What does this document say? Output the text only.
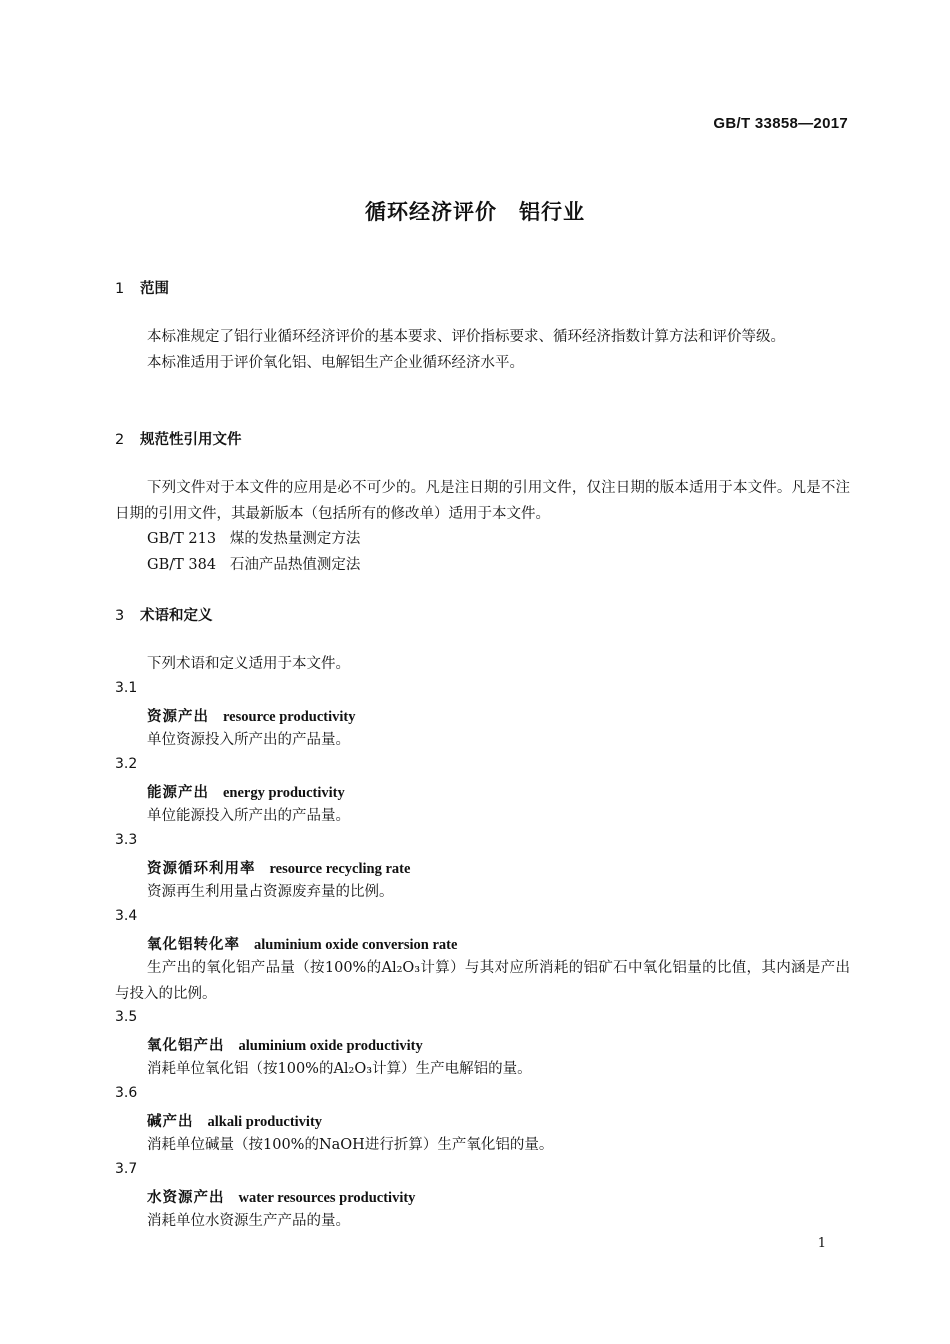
GB/T 33858—2017
循环经济评价　铝行业
1 范围

本标准规定了铝行业循环经济评价的基本要求、评价指标要求、循环经济指数计算方法和评价等级。

本标准适用于评价氧化铝、电解铝生产企业循环经济水平。

2 规范性引用文件

下列文件对于本文件的应用是必不可少的。凡是注日期的引用文件，仅注日期的版本适用于本文件。凡是不注日期的引用文件，其最新版本（包括所有的修改单）适用于本文件。

GB/T 213 煤的发热量测定方法
GB/T 384 石油产品热值测定法
3 术语和定义

下列术语和定义适用于本文件。

3.1
资源产出 resource productivity

单位资源投入所产出的产品量。

3.2
能源产出 energy productivity

单位能源投入所产出的产品量。

3.3
资源循环利用率 resource recycling rate

资源再生利用量占资源废弃量的比例。

3.4
氧化铝转化率 aluminium oxide conversion rate

生产出的氧化铝产品量（按100%的Al₂O₃计算）与其对应所消耗的铝矿石中氧化铝量的比值，其内涵是产出与投入的比例。

3.5
氧化铝产出 aluminium oxide productivity

消耗单位氧化铝（按100%的Al₂O₃计算）生产电解铝的量。

3.6
碱产出 alkali productivity

消耗单位碱量（按100%的NaOH进行折算）生产氧化铝的量。

3.7
水资源产出 water resources productivity

消耗单位水资源生产产品的量。

1
